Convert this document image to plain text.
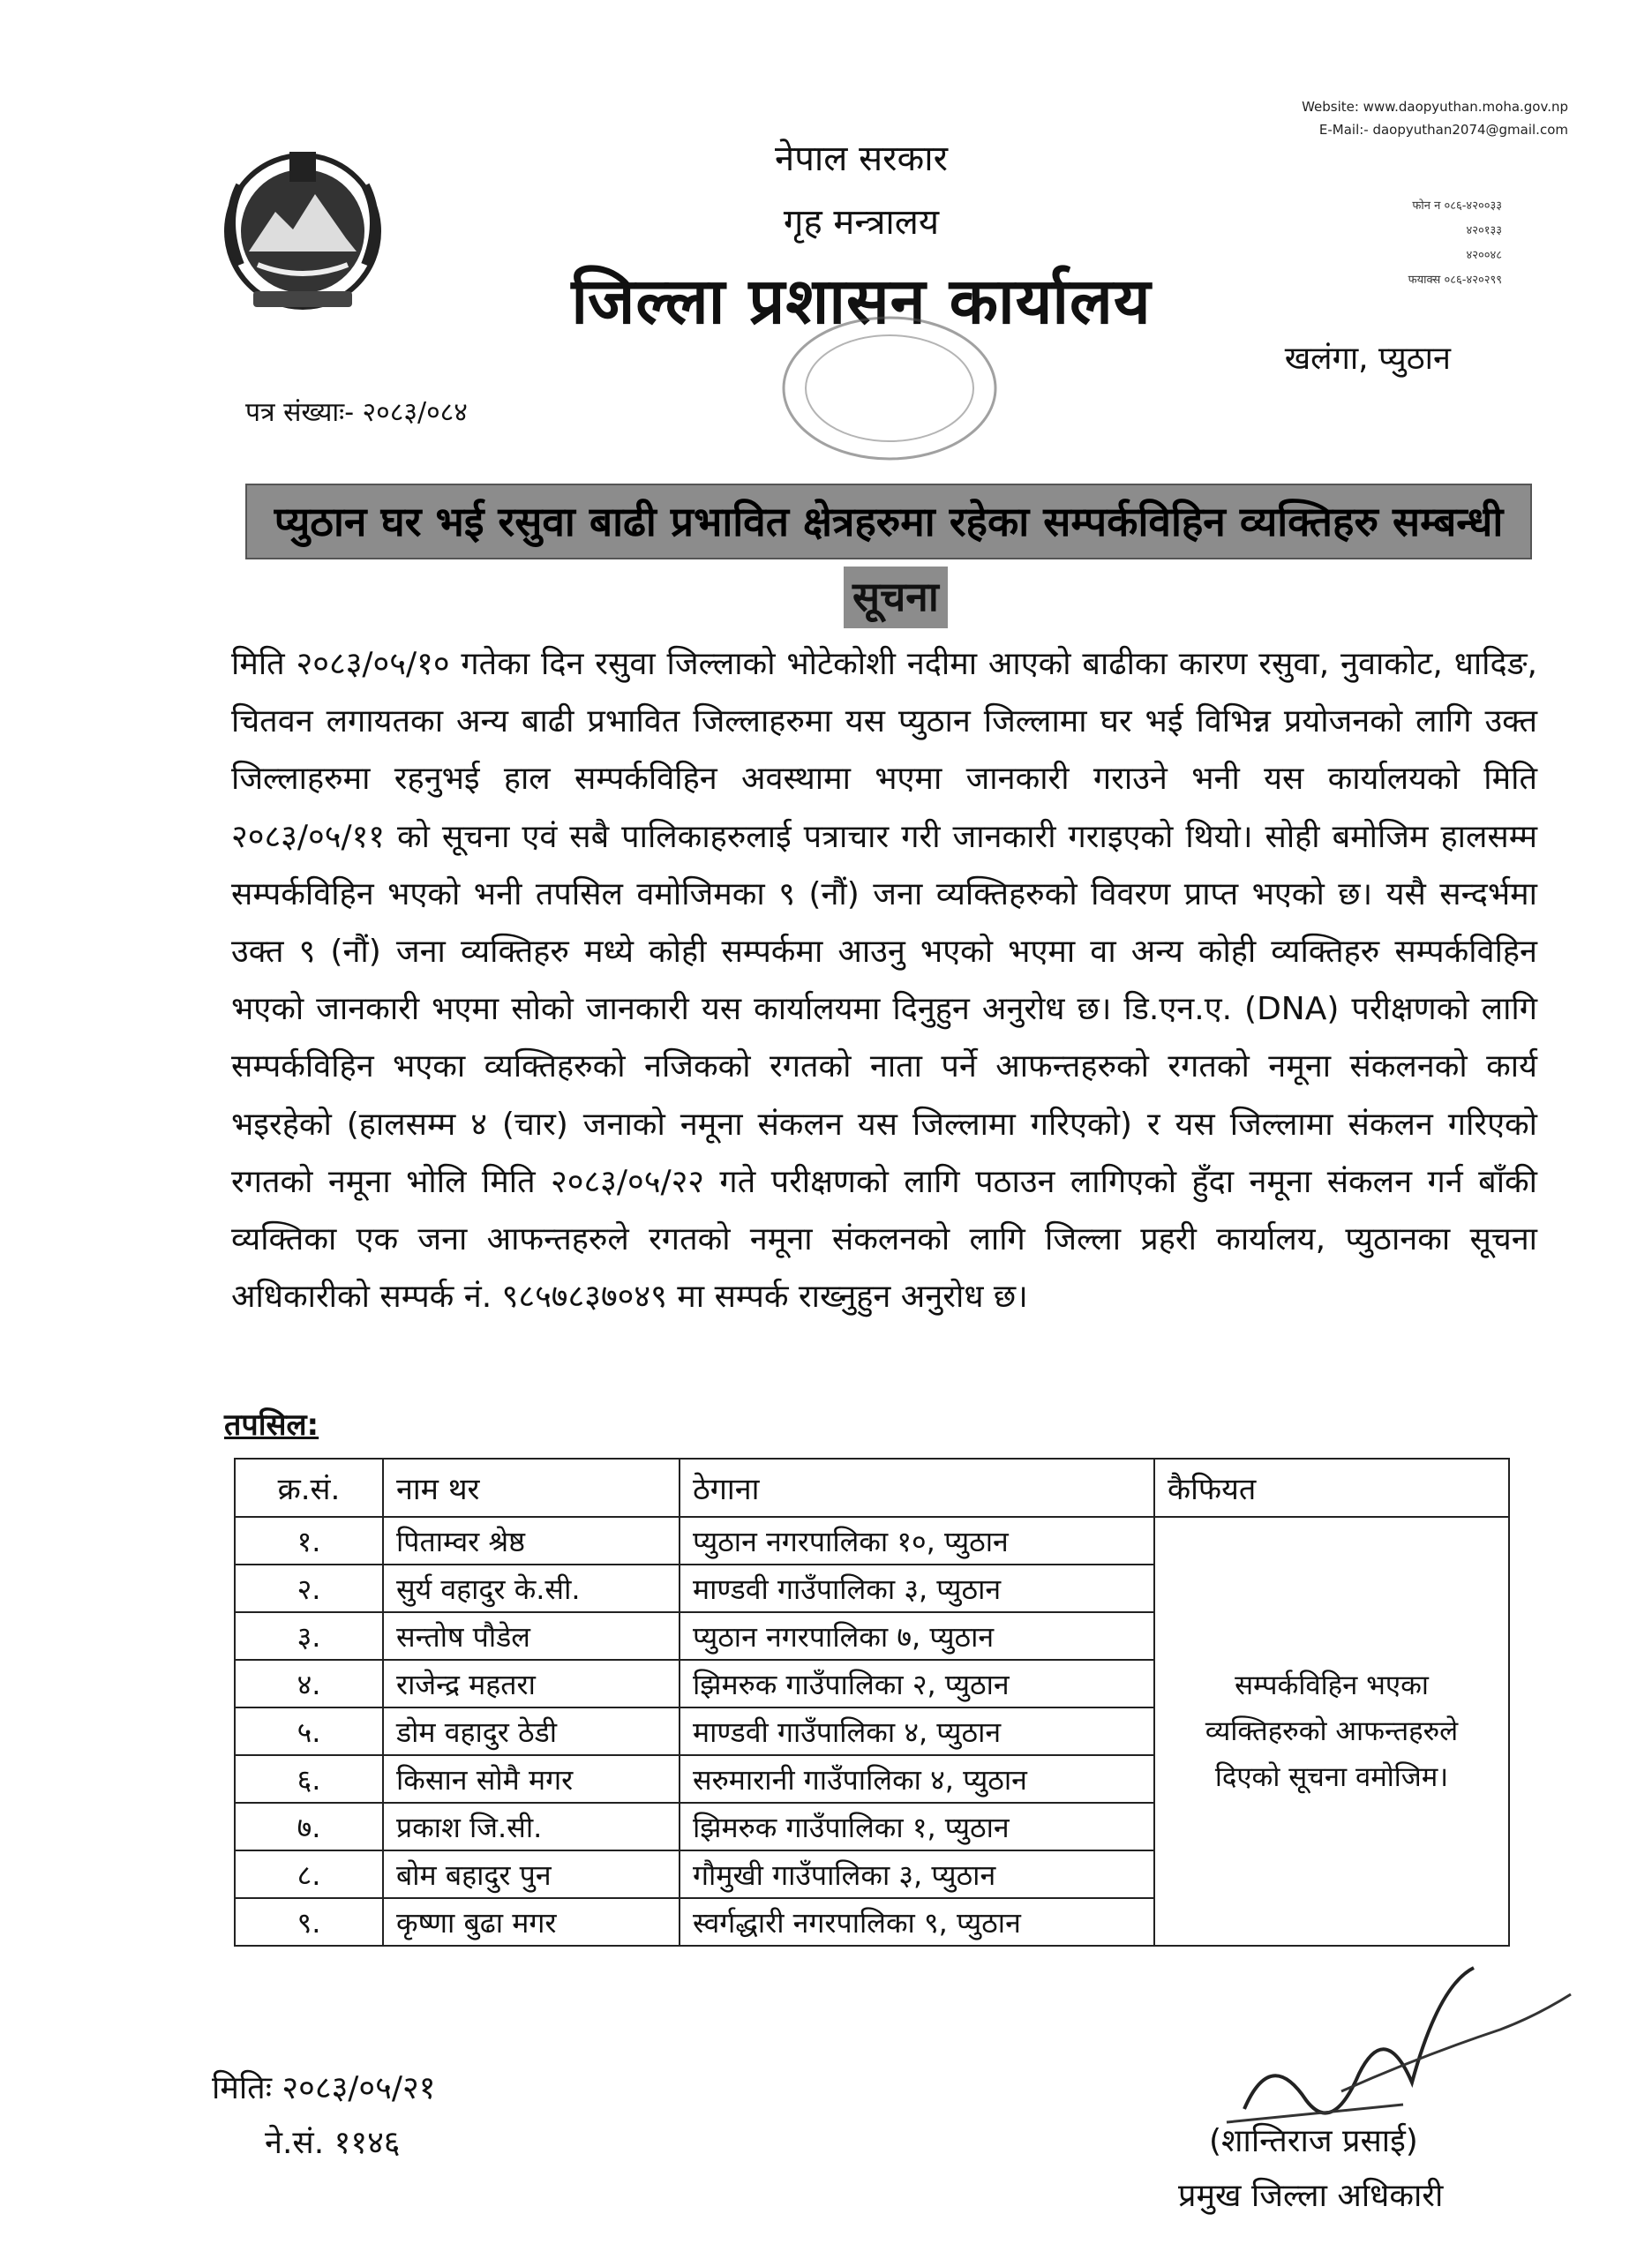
Website: www.daopyuthan.moha.gov.np
E-Mail:- daopyuthan2074@gmail.com
फोन न ०८६-४२००३३
४२०१३३
४२००४८
फयाक्स ०८६-४२०२९९
नेपाल सरकार
गृह मन्त्रालय
जिल्ला प्रशासन कार्यालय
खलंगा, प्युठान
पत्र संख्याः- २०८३/०८४
प्युठान घर भई रसुवा बाढी प्रभावित क्षेत्रहरुमा रहेका सम्पर्कविहिन व्यक्तिहरु सम्बन्धी
सूचना
मिति २०८३/०५/१० गतेका दिन रसुवा जिल्लाको भोटेकोशी नदीमा आएको बाढीका कारण रसुवा, नुवाकोट, धादिङ, चितवन लगायतका अन्य बाढी प्रभावित जिल्लाहरुमा यस प्युठान जिल्लामा घर भई विभिन्न प्रयोजनको लागि उक्त जिल्लाहरुमा रहनुभई हाल सम्पर्कविहिन अवस्थामा भएमा जानकारी गराउने भनी यस कार्यालयको मिति २०८३/०५/११ को सूचना एवं सबै पालिकाहरुलाई पत्राचार गरी जानकारी गराइएको थियो। सोही बमोजिम हालसम्म सम्पर्कविहिन भएको भनी तपसिल वमोजिमका ९ (नौं) जना व्यक्तिहरुको विवरण प्राप्त भएको छ। यसै सन्दर्भमा उक्त ९ (नौं) जना व्यक्तिहरु मध्ये कोही सम्पर्कमा आउनु भएको भएमा वा अन्य कोही व्यक्तिहरु सम्पर्कविहिन भएको जानकारी भएमा सोको जानकारी यस कार्यालयमा दिनुहुन अनुरोध छ। डि.एन.ए. (DNA) परीक्षणको लागि सम्पर्कविहिन भएका व्यक्तिहरुको नजिकको रगतको नाता पर्ने आफन्तहरुको रगतको नमूना संकलनको कार्य भइरहेको (हालसम्म ४ (चार) जनाको नमूना संकलन यस जिल्लामा गरिएको) र यस जिल्लामा संकलन गरिएको रगतको नमूना भोलि मिति २०८३/०५/२२ गते परीक्षणको लागि पठाउन लागिएको हुँदा नमूना संकलन गर्न बाँकी व्यक्तिका एक जना आफन्तहरुले रगतको नमूना संकलनको लागि जिल्ला प्रहरी कार्यालय, प्युठानका सूचना अधिकारीको सम्पर्क नं. ९८५७८३७०४९ मा सम्पर्क राख्नुहुन अनुरोध छ।
तपसिल:
क्र.सं.	नाम थर	ठेगाना	कैफियत
१.	पिताम्वर श्रेष्ठ	प्युठान नगरपालिका १०, प्युठान	सम्पर्कविहिन भएका
व्यक्तिहरुको आफन्तहरुले
दिएको सूचना वमोजिम।

२.	सुर्य वहादुर के.सी.	माण्डवी गाउँपालिका ३, प्युठान	
३.	सन्तोष पौडेल	प्युठान नगरपालिका ७, प्युठान	
४.	राजेन्द्र महतरा	झिमरुक गाउँपालिका २, प्युठान	
५.	डोम वहादुर ठेडी	माण्डवी गाउँपालिका ४, प्युठान	
६.	किसान सोमै मगर	सरुमारानी गाउँपालिका ४, प्युठान	
७.	प्रकाश जि.सी.	झिमरुक गाउँपालिका १, प्युठान	
८.	बोम बहादुर पुन	गौमुखी गाउँपालिका ३, प्युठान	
९.	कृष्णा बुढा मगर	स्वर्गद्धारी नगरपालिका ९, प्युठान	
मितिः २०८३/०५/२१
ने.सं. ११४६	(शान्तिराज प्रसाई)
प्रमुख जिल्ला अधिकारी
